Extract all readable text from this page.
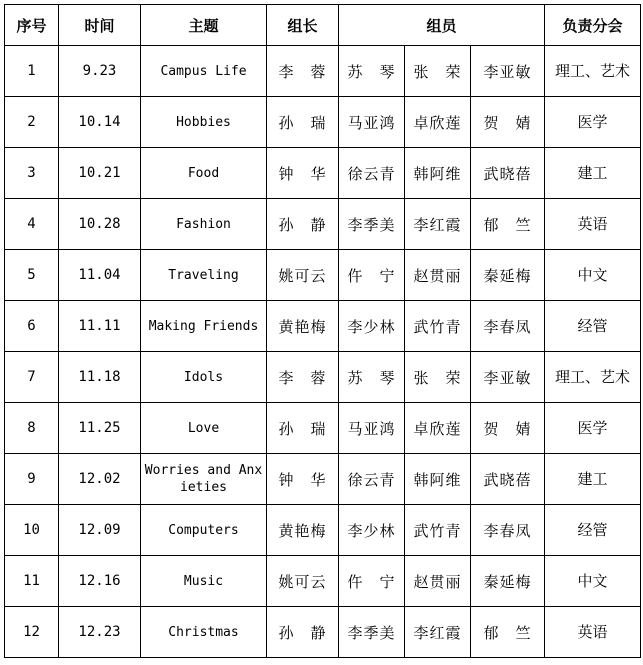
序号	时间	主题	组长	组员			负责分会
1	9.23	Campus Life	李　蓉	苏　琴	张　荣	李亚敏	理工、艺术
2	10.14	Hobbies	孙　瑞	马亚鸿	卓欣莲	贺　婧	医学
3	10.21	Food	钟　华	徐云青	韩阿维	武晓蓓	建工
4	10.28	Fashion	孙　静	李季美	李红霞	郁　竺	英语
5	11.04	Traveling	姚可云	仵　宁	赵贯丽	秦延梅	中文
6	11.11	Making Friends	黄艳梅	李少林	武竹青	李春凤	经管
7	11.18	Idols	李　蓉	苏　琴	张　荣	李亚敏	理工、艺术
8	11.25	Love	孙　瑞	马亚鸿	卓欣莲	贺　婧	医学
9	12.02	Worries and Anxieties	钟　华	徐云青	韩阿维	武晓蓓	建工
10	12.09	Computers	黄艳梅	李少林	武竹青	李春凤	经管
11	12.16	Music	姚可云	仵　宁	赵贯丽	秦延梅	中文
12	12.23	Christmas	孙　静	李季美	李红霞	郁　竺	英语
